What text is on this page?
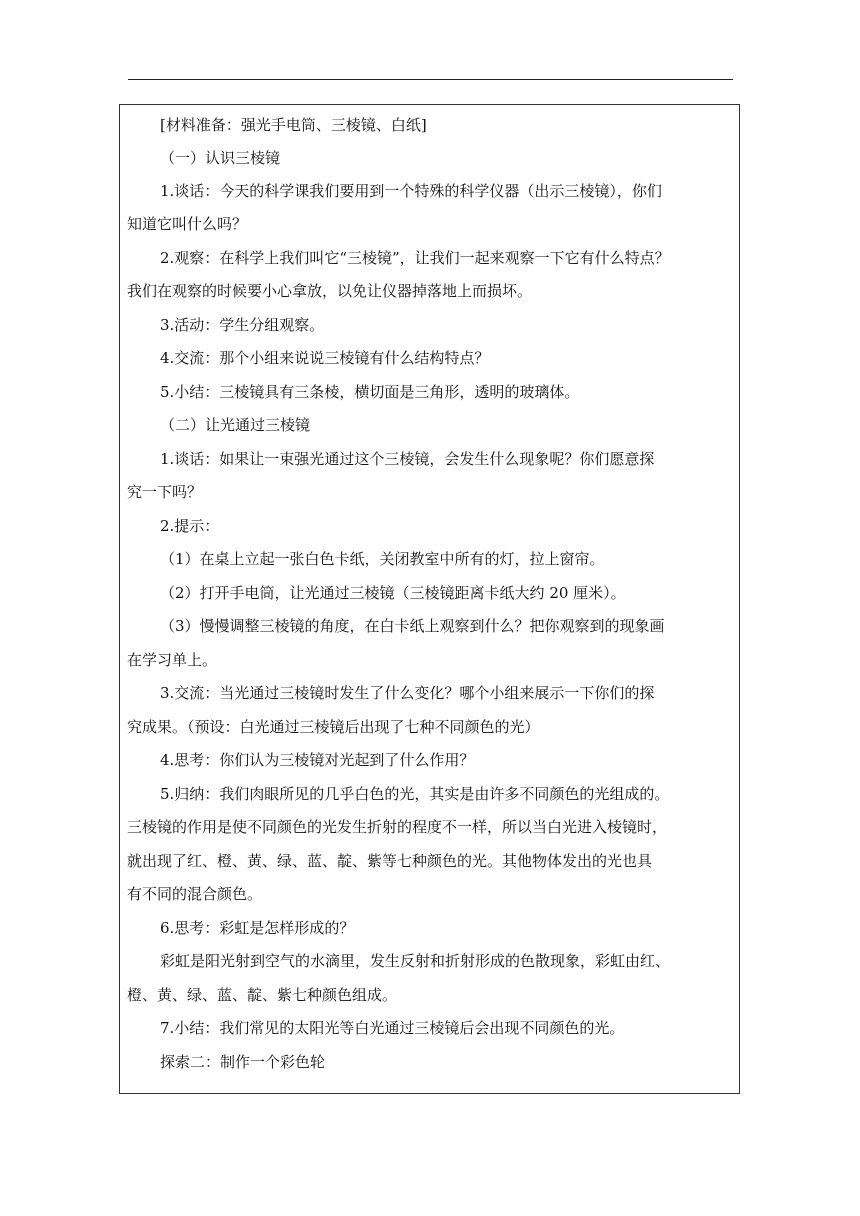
[材料准备：强光手电筒、三棱镜、白纸]
（一）认识三棱镜
1.谈话：今天的科学课我们要用到一个特殊的科学仪器（出示三棱镜），你们
知道它叫什么吗？
2.观察：在科学上我们叫它“三棱镜”，让我们一起来观察一下它有什么特点？
我们在观察的时候要小心拿放，以免让仪器掉落地上而损坏。
3.活动：学生分组观察。
4.交流：那个小组来说说三棱镜有什么结构特点？
5.小结：三棱镜具有三条棱，横切面是三角形，透明的玻璃体。
（二）让光通过三棱镜
1.谈话：如果让一束强光通过这个三棱镜，会发生什么现象呢？你们愿意探
究一下吗？
2.提示：
（1）在桌上立起一张白色卡纸，关闭教室中所有的灯，拉上窗帘。
（2）打开手电筒，让光通过三棱镜（三棱镜距离卡纸大约 20 厘米）。
（3）慢慢调整三棱镜的角度，在白卡纸上观察到什么？把你观察到的现象画
在学习单上。
3.交流：当光通过三棱镜时发生了什么变化？哪个小组来展示一下你们的探
究成果。（预设：白光通过三棱镜后出现了七种不同颜色的光）
4.思考：你们认为三棱镜对光起到了什么作用？
5.归纳：我们肉眼所见的几乎白色的光，其实是由许多不同颜色的光组成的。
三棱镜的作用是使不同颜色的光发生折射的程度不一样，所以当白光进入棱镜时，
就出现了红、橙、黄、绿、蓝、靛、紫等七种颜色的光。其他物体发出的光也具
有不同的混合颜色。
6.思考：彩虹是怎样形成的？
彩虹是阳光射到空气的水滴里，发生反射和折射形成的色散现象，彩虹由红、
橙、黄、绿、蓝、靛、紫七种颜色组成。
7.小结：我们常见的太阳光等白光通过三棱镜后会出现不同颜色的光。
探索二：制作一个彩色轮
